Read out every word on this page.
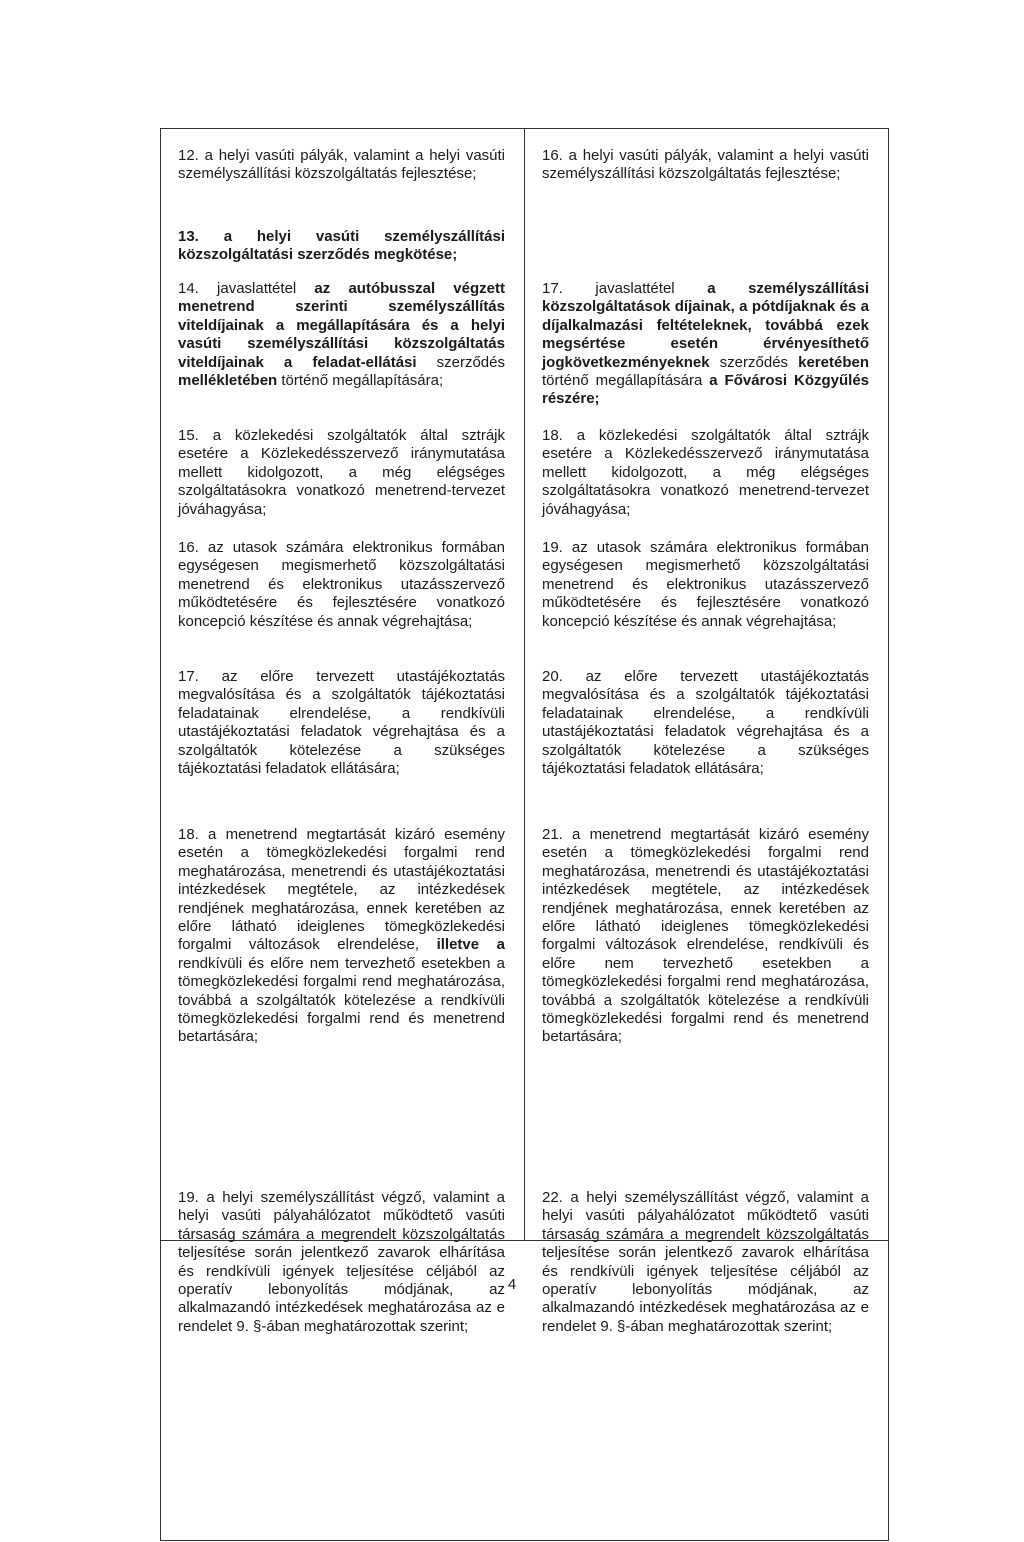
12. a helyi vasúti pályák, valamint a helyi vasúti személyszállítási közszolgáltatás fejlesztése;
13. a helyi vasúti személyszállítási közszolgáltatási szerződés megkötése;
14. javaslattétel az autóbusszal végzett menetrend szerinti személyszállítás viteldíjainak a megállapítására és a helyi vasúti személyszállítási közszolgáltatás viteldíjainak a feladat-ellátási szerződés mellékletében történő megállapítására;
15. a közlekedési szolgáltatók által sztrájk esetére a Közlekedésszervező iránymutatása mellett kidolgozott, a még elégséges szolgáltatásokra vonatkozó menetrend-tervezet jóváhagyása;
16. az utasok számára elektronikus formában egységesen megismerhető közszolgáltatási menetrend és elektronikus utazásszervező működtetésére és fejlesztésére vonatkozó koncepció készítése és annak végrehajtása;
17. az előre tervezett utastájékoztatás megvalósítása és a szolgáltatók tájékoztatási feladatainak elrendelése, a rendkívüli utastájékoztatási feladatok végrehajtása és a szolgáltatók kötelezése a szükséges tájékoztatási feladatok ellátására;
18. a menetrend megtartását kizáró esemény esetén a tömegközlekedési forgalmi rend meghatározása, menetrendi és utastájékoztatási intézkedések megtétele, az intézkedések rendjének meghatározása, ennek keretében az előre látható ideiglenes tömegközlekedési forgalmi változások elrendelése, illetve a rendkívüli és előre nem tervezhető esetekben a tömegközlekedési forgalmi rend meghatározása, továbbá a szolgáltatók kötelezése a rendkívüli tömegközlekedési forgalmi rend és menetrend betartására;
19. a helyi személyszállítást végző, valamint a helyi vasúti pályahálózatot működtető vasúti társaság számára a megrendelt közszolgáltatás teljesítése során jelentkező zavarok elhárítása és rendkívüli igények teljesítése céljából az operatív lebonyolítás módjának, az alkalmazandó intézkedések meghatározása az e rendelet 9. §-ában meghatározottak szerint;
16. a helyi vasúti pályák, valamint a helyi vasúti személyszállítási közszolgáltatás fejlesztése;
17. javaslattétel a személyszállítási közszolgáltatások díjainak, a pótdíjaknak és a díjalkalmazási feltételeknek, továbbá ezek megsértése esetén érvényesíthető jogkövetkezményeknek szerződés keretében történő megállapítására a Fővárosi Közgyűlés részére;
18. a közlekedési szolgáltatók által sztrájk esetére a Közlekedésszervező iránymutatása mellett kidolgozott, a még elégséges szolgáltatásokra vonatkozó menetrend-tervezet jóváhagyása;
19. az utasok számára elektronikus formában egységesen megismerhető közszolgáltatási menetrend és elektronikus utazásszervező működtetésére és fejlesztésére vonatkozó koncepció készítése és annak végrehajtása;
20. az előre tervezett utastájékoztatás megvalósítása és a szolgáltatók tájékoztatási feladatainak elrendelése, a rendkívüli utastájékoztatási feladatok végrehajtása és a szolgáltatók kötelezése a szükséges tájékoztatási feladatok ellátására;
21. a menetrend megtartását kizáró esemény esetén a tömegközlekedési forgalmi rend meghatározása, menetrendi és utastájékoztatási intézkedések megtétele, az intézkedések rendjének meghatározása, ennek keretében az előre látható ideiglenes tömegközlekedési forgalmi változások elrendelése, rendkívüli és előre nem tervezhető esetekben a tömegközlekedési forgalmi rend meghatározása, továbbá a szolgáltatók kötelezése a rendkívüli tömegközlekedési forgalmi rend és menetrend betartására;
22. a helyi személyszállítást végző, valamint a helyi vasúti pályahálózatot működtető vasúti társaság számára a megrendelt közszolgáltatás teljesítése során jelentkező zavarok elhárítása és rendkívüli igények teljesítése céljából az operatív lebonyolítás módjának, az alkalmazandó intézkedések meghatározása az e rendelet 9. §-ában meghatározottak szerint;
4
